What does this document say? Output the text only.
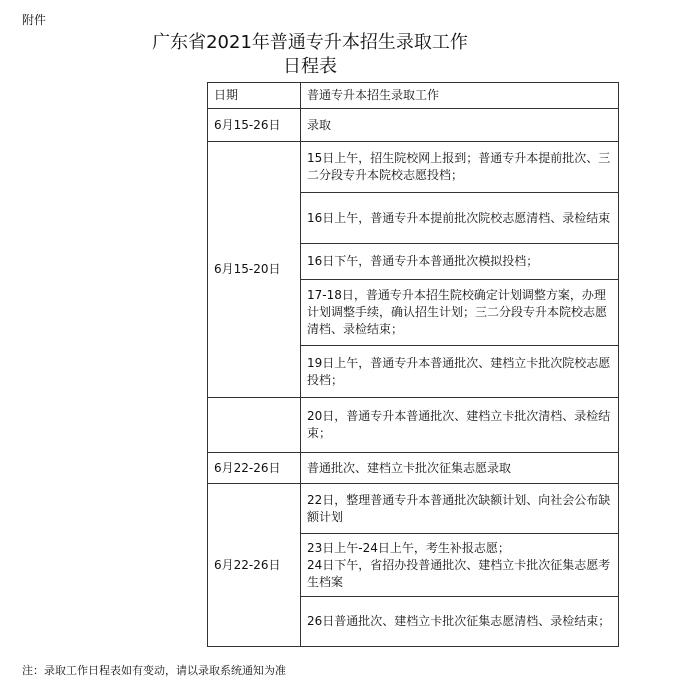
附件
广东省2021年普通专升本招生录取工作
日程表
日期	普通专升本招生录取工作
6月15-26日	录取
6月15-20日	15日上午，招生院校网上报到；普通专升本提前批次、三二分段专升本院校志愿投档；
	16日上午，普通专升本提前批次院校志愿清档、录检结束
	16日下午，普通专升本普通批次模拟投档；
	17-18日，普通专升本招生院校确定计划调整方案，办理计划调整手续，确认招生计划；三二分段专升本院校志愿清档、录检结束；
	19日上午，普通专升本普通批次、建档立卡批次院校志愿投档；
	20日，普通专升本普通批次、建档立卡批次清档、录检结束；
6月22-26日	普通批次、建档立卡批次征集志愿录取
6月22-26日	22日，整理普通专升本普通批次缺额计划、向社会公布缺额计划

	23日上午-24日上午，考生补报志愿；
24日下午，省招办投普通批次、建档立卡批次征集志愿考生档案

	26日普通批次、建档立卡批次征集志愿清档、录检结束；
注：录取工作日程表如有变动，请以录取系统通知为准
